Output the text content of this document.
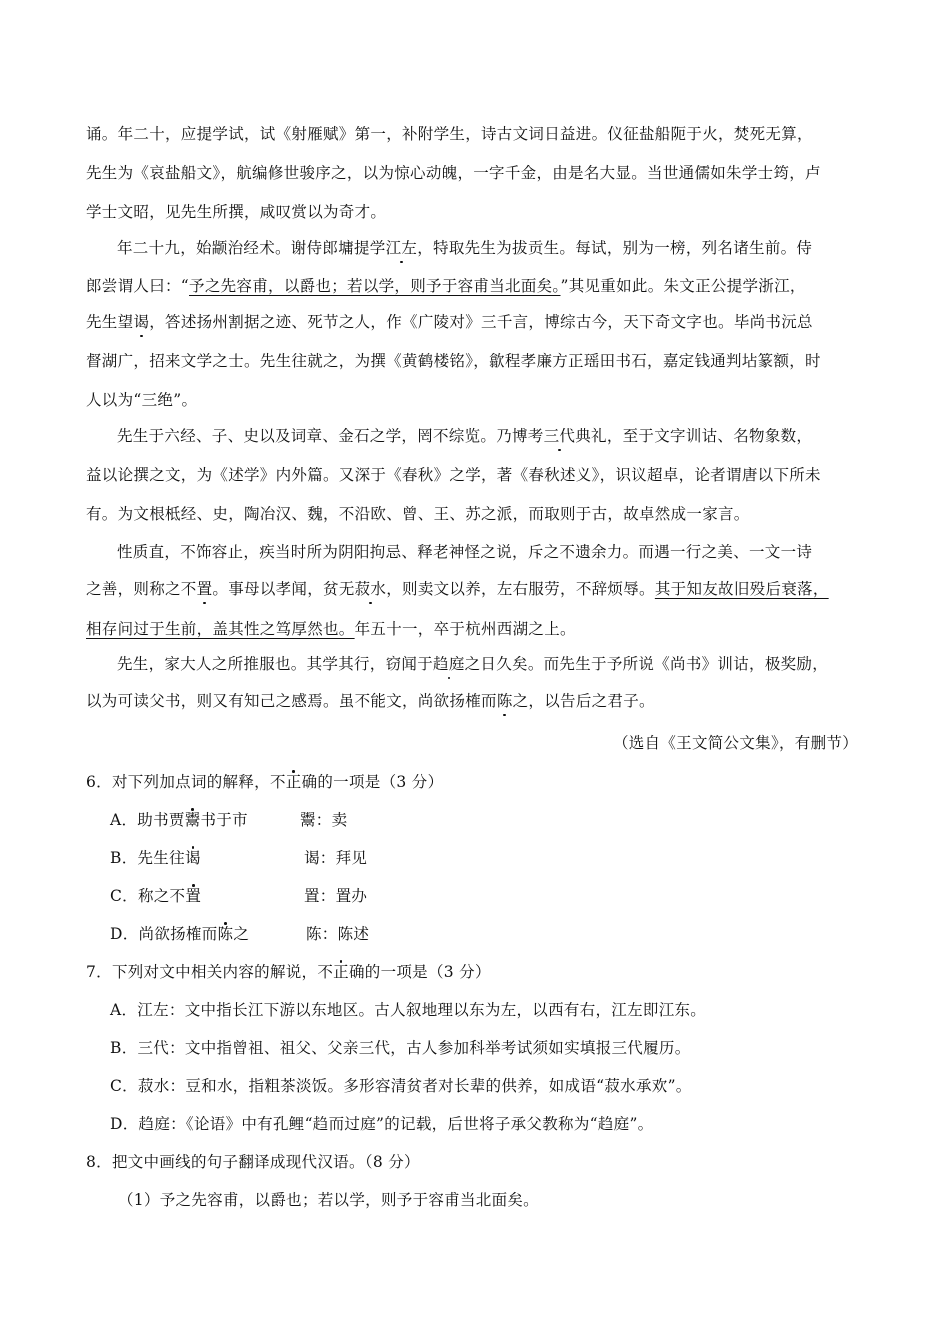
诵。年二十，应提学试，试《射雁赋》第一，补附学生，诗古文词日益进。仪征盐船阨于火，焚死无算，
先生为《哀盐船文》，航编修世骏序之，以为惊心动魄，一字千金，由是名大显。当世通儒如朱学士筠，卢
学士文昭，见先生所撰，咸叹赏以为奇才。
年二十九，始颛治经术。谢侍郎墉提学江左，特取先生为拔贡生。每试，别为一榜，列名诸生前。侍
郎尝谓人曰：“予之先容甫，以爵也；若以学，则予于容甫当北面矣。”其见重如此。朱文正公提学浙江，
先生望谒，答述扬州割据之迹、死节之人，作《广陵对》三千言，博综古今，天下奇文字也。毕尚书沅总
督湖广，招来文学之士。先生往就之，为撰《黄鹤楼铭》，歙程孝廉方正瑶田书石，嘉定钱通判坫篆额，时
人以为“三绝”。
先生于六经、子、史以及词章、金石之学，罔不综览。乃博考三代典礼，至于文字训诂、名物象数，
益以论撰之文，为《述学》内外篇。又深于《春秋》之学，著《春秋述义》，识议超卓，论者谓唐以下所未
有。为文根柢经、史，陶冶汉、魏，不沿欧、曾、王、苏之派，而取则于古，故卓然成一家言。
性质直，不饰容止，疾当时所为阴阳拘忌、释老神怪之说，斥之不遗余力。而遇一行之美、一文一诗
之善，则称之不置。事母以孝闻，贫无菽水，则卖文以养，左右服劳，不辞烦辱。其于知友故旧殁后衰落，
相存问过于生前，盖其性之笃厚然也。年五十一，卒于杭州西湖之上。
先生，家大人之所推服也。其学其行，窃闻于趋庭之日久矣。而先生于予所说《尚书》训诂，极奖励，
以为可读父书，则又有知己之感焉。虽不能文，尚欲扬榷而陈之，以告后之君子。
（选自《王文简公文集》，有删节）
6．对下列加点词的解释，不正确的一项是（3 分）
A．助书贾鬻书于市	鬻：卖
B．先生往谒	谒：拜见
C．称之不置	置：置办
D．尚欲扬榷而陈之	陈：陈述
7．下列对文中相关内容的解说，不正确的一项是（3 分）
A．江左：文中指长江下游以东地区。古人叙地理以东为左，以西有右，江左即江东。
B．三代：文中指曾祖、祖父、父亲三代，古人参加科举考试须如实填报三代履历。
C．菽水：豆和水，指粗茶淡饭。多形容清贫者对长辈的供养，如成语“菽水承欢”。
D．趋庭：《论语》中有孔鲤“趋而过庭”的记载，后世将子承父教称为“趋庭”。
8．把文中画线的句子翻译成现代汉语。（8 分）
（1）予之先容甫，以爵也；若以学，则予于容甫当北面矣。
